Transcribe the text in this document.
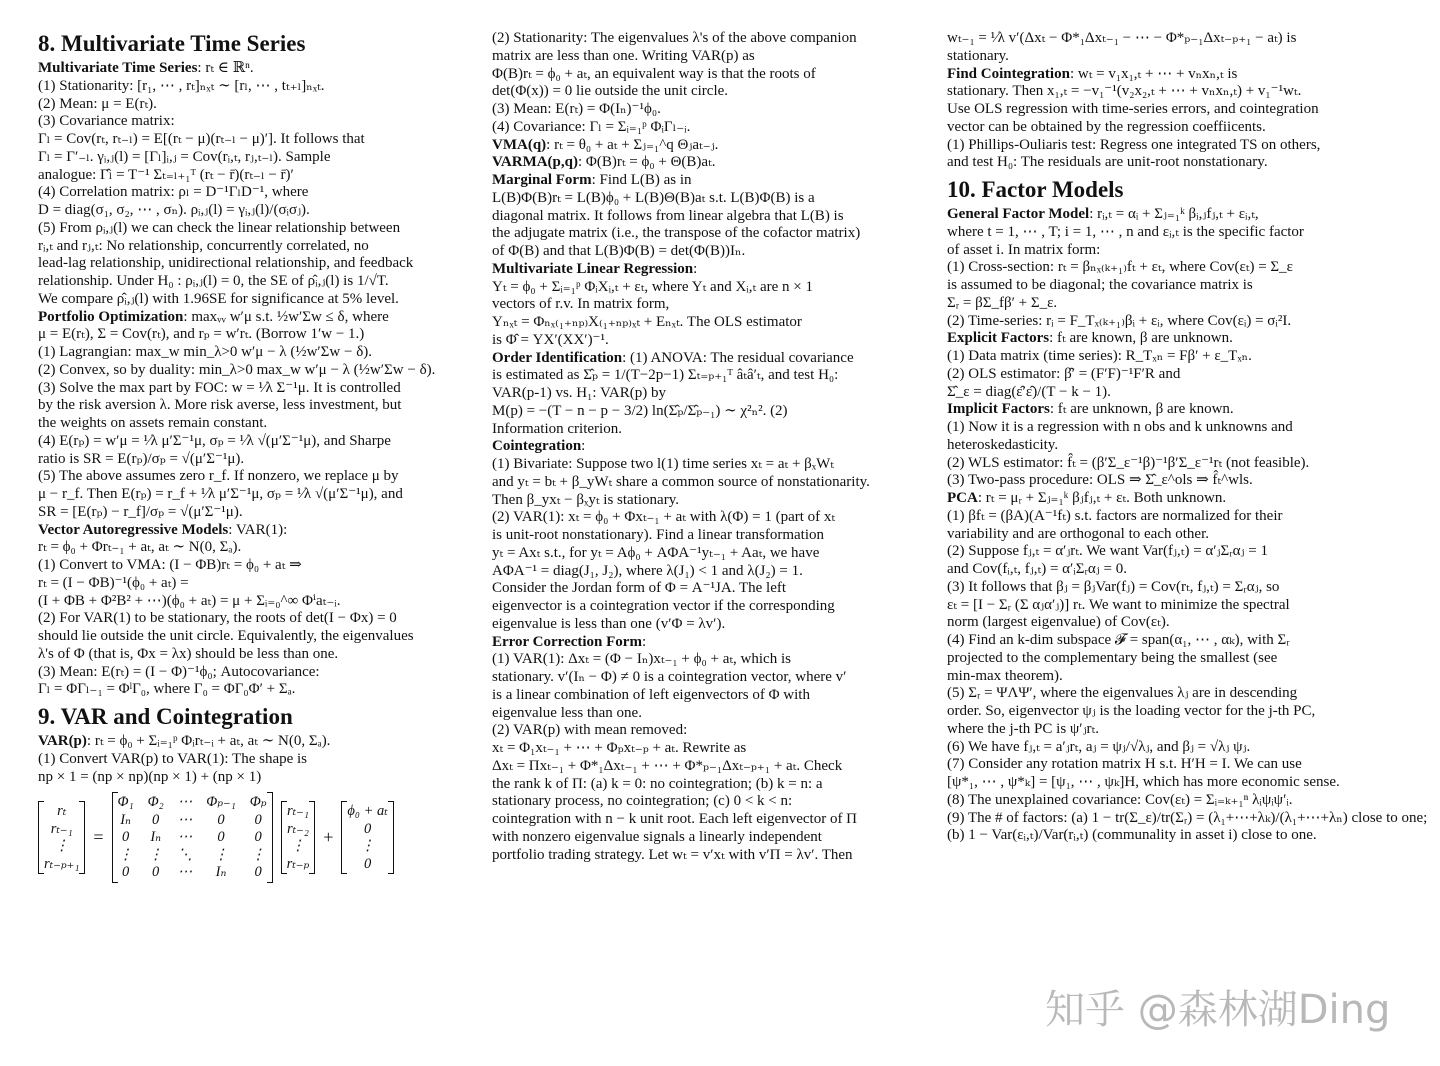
8. Multivariate Time Series
Multivariate Time Series: rₜ ∈ ℝⁿ.
(1) Stationarity: [r₁, ⋯ , rₜ]ₙₓₜ ∼ [rₗ, ⋯ , tₜ₊ₗ]ₙₓₜ.
(2) Mean: μ = E(rₜ).
(3) Covariance matrix:
Γₗ = Cov(rₜ, rₜ₋ₗ) = E[(rₜ − μ)(rₜ₋ₗ − μ)′]. It follows that
Γₗ = Γ′₋ₗ. γᵢ,ⱼ(l) = [Γₗ]ᵢ,ⱼ = Cov(rᵢ,ₜ, rⱼ,ₜ₋ₗ). Sample
analogue: Γ̂ₗ = T⁻¹ Σₜ₌ₗ₊₁ᵀ (rₜ − r̄)(rₜ₋ₗ − r̄)′
(4) Correlation matrix: ρₗ = D⁻¹ΓₗD⁻¹, where
D = diag(σ₁, σ₂, ⋯ , σₙ). ρᵢ,ⱼ(l) = γᵢ,ⱼ(l)/(σᵢσⱼ).
(5) From ρᵢ,ⱼ(l) we can check the linear relationship between
rᵢ,ₜ and rⱼ,ₜ: No relationship, concurrently correlated, no
lead-lag relationship, unidirectional relationship, and feedback
relationship. Under H₀ : ρᵢ,ⱼ(l) = 0, the SE of ρ̂ᵢ,ⱼ(l) is 1/√T.
We compare ρ̂ᵢ,ⱼ(l) with 1.96SE for significance at 5% level.
Portfolio Optimization: maxᵥᵥ w′μ s.t. ½w′Σw ≤ δ, where
μ = E(rₜ), Σ = Cov(rₜ), and rₚ = w′rₜ. (Borrow 1′w − 1.)
(1) Lagrangian: max_w min_λ>0 w′μ − λ (½w′Σw − δ).
(2) Convex, so by duality: min_λ>0 max_w w′μ − λ (½w′Σw − δ).
(3) Solve the max part by FOC: w = ¹⁄λ Σ⁻¹μ. It is controlled
by the risk aversion λ. More risk averse, less investment, but
the weights on assets remain constant.
(4) E(rₚ) = w′μ = ¹⁄λ μ′Σ⁻¹μ, σₚ = ¹⁄λ √(μ′Σ⁻¹μ), and Sharpe
ratio is SR = E(rₚ)/σₚ = √(μ′Σ⁻¹μ).
(5) The above assumes zero r_f. If nonzero, we replace μ by
μ − r_f. Then E(rₚ) = r_f + ¹⁄λ μ′Σ⁻¹μ, σₚ = ¹⁄λ √(μ′Σ⁻¹μ), and
SR = [E(rₚ) − r_f]/σₚ = √(μ′Σ⁻¹μ).
Vector Autoregressive Models: VAR(1):
rₜ = ϕ₀ + Φrₜ₋₁ + aₜ, aₜ ∼ N(0, Σₐ).
(1) Convert to VMA: (I − ΦB)rₜ = ϕ₀ + aₜ ⇒
rₜ = (I − ΦB)⁻¹(ϕ₀ + aₜ) =
(I + ΦB + Φ²B² + ⋯)(ϕ₀ + aₜ) = μ + Σᵢ₌₀^∞ Φⁱaₜ₋ᵢ.
(2) For VAR(1) to be stationary, the roots of det(I − Φx) = 0
should lie outside the unit circle. Equivalently, the eigenvalues
λ's of Φ (that is, Φx = λx) should be less than one.
(3) Mean: E(rₜ) = (I − Φ)⁻¹ϕ₀; Autocovariance:
Γₗ = ΦΓₗ₋₁ = ΦˡΓ₀, where Γ₀ = ΦΓ₀Φ′ + Σₐ.
9. VAR and Cointegration
VAR(p): rₜ = ϕ₀ + Σᵢ₌₁ᵖ Φᵢrₜ₋ᵢ + aₜ, aₜ ∼ N(0, Σₐ).
(1) Convert VAR(p) to VAR(1): The shape is
np × 1 = (np × np)(np × 1) + (np × 1)
rₜ
rₜ₋₁
⋮
rₜ₋ₚ₊₁
=
Φ₁ Φ₂ ⋯ Φₚ₋₁ Φₚ
Iₙ	0	⋯	0	0
0	Iₙ ⋯	0	0
⋮ ⋮ ⋱	⋮	⋮
0	0	⋯	Iₙ	0
rₜ₋₁
rₜ₋₂
⋮
rₜ₋ₚ
+
ϕ₀ + aₜ
0
⋮
0
(2) Stationarity: The eigenvalues λ's of the above companion
matrix are less than one. Writing VAR(p) as
Φ(B)rₜ = ϕ₀ + aₜ, an equivalent way is that the roots of
det(Φ(x)) = 0 lie outside the unit circle.
(3) Mean: E(rₜ) = Φ(Iₙ)⁻¹ϕ₀.
(4) Covariance: Γₗ = Σᵢ₌₁ᵖ ΦᵢΓₗ₋ᵢ.
VMA(q): rₜ = θ₀ + aₜ + Σⱼ₌₁^q Θⱼaₜ₋ⱼ.
VARMA(p,q): Φ(B)rₜ = ϕ₀ + Θ(B)aₜ.
Marginal Form: Find L(B) as in
L(B)Φ(B)rₜ = L(B)ϕ₀ + L(B)Θ(B)aₜ s.t. L(B)Φ(B) is a
diagonal matrix. It follows from linear algebra that L(B) is
the adjugate matrix (i.e., the transpose of the cofactor matrix)
of Φ(B) and that L(B)Φ(B) = det(Φ(B))Iₙ.
Multivariate Linear Regression:
Yₜ = ϕ₀ + Σᵢ₌₁ᵖ ΦᵢXᵢ,ₜ + εₜ, where Yₜ and Xᵢ,ₜ are n × 1
vectors of r.v. In matrix form,
Yₙₓₜ = Φₙₓ₍₁₊ₙₚ₎X₍₁₊ₙₚ₎ₓₜ + Eₙₓₜ. The OLS estimator
is Φ̂ = YX′(XX′)⁻¹.
Order Identification: (1) ANOVA: The residual covariance
is estimated as Σ̂ₚ = 1/(T−2p−1) Σₜ₌ₚ₊₁ᵀ âₜâ′ₜ, and test H₀:
VAR(p-1) vs. H₁: VAR(p) by
M(p) = −(T − n − p − 3/2) ln(Σ̂ₚ/Σ̂ₚ₋₁) ∼ χ²ₙ². (2)
Information criterion.
Cointegration:
(1) Bivariate: Suppose two l(1) time series xₜ = aₜ + βₓWₜ
and yₜ = bₜ + β_yWₜ share a common source of nonstationarity.
Then β_yxₜ − βₓyₜ is stationary.
(2) VAR(1): xₜ = ϕ₀ + Φxₜ₋₁ + aₜ with λ(Φ) = 1 (part of xₜ
is unit-root nonstationary). Find a linear transformation
yₜ = Axₜ s.t., for yₜ = Aϕ₀ + AΦA⁻¹yₜ₋₁ + Aaₜ, we have
AΦA⁻¹ = diag(J₁, J₂), where λ(J₁) < 1 and λ(J₂) = 1.
Consider the Jordan form of Φ = A⁻¹JA. The left
eigenvector is a cointegration vector if the corresponding
eigenvalue is less than one (v′Φ = λv′).
Error Correction Form:
(1) VAR(1): Δxₜ = (Φ − Iₙ)xₜ₋₁ + ϕ₀ + aₜ, which is
stationary. v′(Iₙ − Φ) ≠ 0 is a cointegration vector, where v′
is a linear combination of left eigenvectors of Φ with
eigenvalue less than one.
(2) VAR(p) with mean removed:
xₜ = Φ₁xₜ₋₁ + ⋯ + Φₚxₜ₋ₚ + aₜ. Rewrite as
Δxₜ = Πxₜ₋₁ + Φ*₁Δxₜ₋₁ + ⋯ + Φ*ₚ₋₁Δxₜ₋ₚ₊₁ + aₜ. Check
the rank k of Π: (a) k = 0: no cointegration; (b) k = n: a
stationary process, no cointegration; (c) 0 < k < n:
cointegration with n − k unit root. Each left eigenvector of Π
with nonzero eigenvalue signals a linearly independent
portfolio trading strategy. Let wₜ = v′xₜ with v′Π = λv′. Then
wₜ₋₁ = ¹⁄λ v′(Δxₜ − Φ*₁Δxₜ₋₁ − ⋯ − Φ*ₚ₋₁Δxₜ₋ₚ₊₁ − aₜ) is
stationary.
Find Cointegration: wₜ = v₁x₁,ₜ + ⋯ + vₙxₙ,ₜ is
stationary. Then x₁,ₜ = −v₁⁻¹(v₂x₂,ₜ + ⋯ + vₙxₙ,ₜ) + v₁⁻¹wₜ.
Use OLS regression with time-series errors, and cointegration
vector can be obtained by the regression coeffiicents.
(1) Phillips-Ouliaris test: Regress one integrated TS on others,
and test H₀: The residuals are unit-root nonstationary.
10. Factor Models
General Factor Model: rᵢ,ₜ = αᵢ + Σⱼ₌₁ᵏ βᵢ,ⱼfⱼ,ₜ + εᵢ,ₜ,
where t = 1, ⋯ , T; i = 1, ⋯ , n and εᵢ,ₜ is the specific factor
of asset i. In matrix form:
(1) Cross-section: rₜ = βₙₓ₍ₖ₊₁₎fₜ + εₜ, where Cov(εₜ) = Σ_ε
is assumed to be diagonal; the covariance matrix is
Σᵣ = βΣ_fβ′ + Σ_ε.
(2) Time-series: rᵢ = F_Tₓ₍ₖ₊₁₎βᵢ + εᵢ, where Cov(εᵢ) = σᵢ²I.
Explicit Factors: fₜ are known, β are unknown.
(1) Data matrix (time series): R_Tₓₙ = Fβ′ + ε_Tₓₙ.
(2) OLS estimator: β̂′ = (F′F)⁻¹F′R and
Σ̂_ε = diag(ε̂′ε̂)/(T − k − 1).
Implicit Factors: fₜ are unknown, β are known.
(1) Now it is a regression with n obs and k unknowns and
heteroskedasticity.
(2) WLS estimator: f̂ₜ = (β′Σ_ε⁻¹β)⁻¹β′Σ_ε⁻¹rₜ (not feasible).
(3) Two-pass procedure: OLS ⇒ Σ̂_ε^ols ⇒ f̂ₜ^wls.
PCA: rₜ = μᵣ + Σⱼ₌₁ᵏ βⱼfⱼ,ₜ + εₜ. Both unknown.
(1) βfₜ = (βA)(A⁻¹fₜ) s.t. factors are normalized for their
variability and are orthogonal to each other.
(2) Suppose fⱼ,ₜ = α′ⱼrₜ. We want Var(fⱼ,ₜ) = α′ⱼΣᵣαⱼ = 1
and Cov(fᵢ,ₜ, fⱼ,ₜ) = α′ᵢΣᵣαⱼ = 0.
(3) It follows that βⱼ = βⱼVar(fⱼ) = Cov(rₜ, fⱼ,ₜ) = Σᵣαⱼ, so
εₜ = [I − Σᵣ (Σ αⱼα′ⱼ)] rₜ. We want to minimize the spectral
norm (largest eigenvalue) of Cov(εₜ).
(4) Find an k-dim subspace 𝓕 = span(α₁, ⋯ , αₖ), with Σᵣ
projected to the complementary being the smallest (see
min-max theorem).
(5) Σᵣ = ΨΛΨ′, where the eigenvalues λⱼ are in descending
order. So, eigenvector ψⱼ is the loading vector for the j-th PC,
where the j-th PC is ψ′ⱼrₜ.
(6) We have fⱼ,ₜ = a′ⱼrₜ, aⱼ = ψⱼ/√λⱼ, and βⱼ = √λⱼ ψⱼ.
(7) Consider any rotation matrix H s.t. H′H = I. We can use
[ψ*₁, ⋯ , ψ*ₖ] = [ψ₁, ⋯ , ψₖ]H, which has more economic sense.
(8) The unexplained covariance: Cov(εₜ) = Σᵢ₌ₖ₊₁ⁿ λᵢψᵢψ′ᵢ.
(9) The # of factors: (a) 1 − tr(Σ_ε)/tr(Σᵣ) = (λ₁+⋯+λₖ)/(λ₁+⋯+λₙ) close to one;
(b) 1 − Var(εᵢ,ₜ)/Var(rᵢ,ₜ) (communality in asset i) close to one.
知乎 @森林湖Ding
